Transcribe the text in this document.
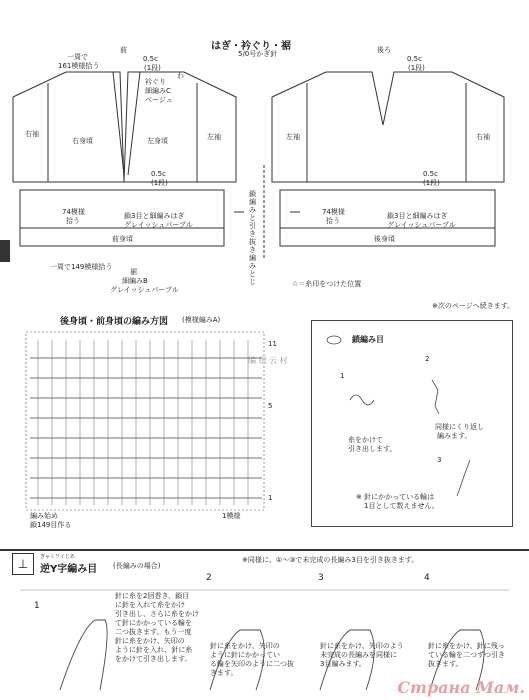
はぎ・衿ぐり・裾
5/0号かぎ針
一周で
161模様拾う
前
0.5c
(1段)
わ
衿ぐり
細編みC
ベージュ
右袖
右身頃	左身頃	左袖
0.5c
(1段)
74模様
拾う
鎖3目と細編みはぎ
グレイッシュパープル
前身頃
一周で149模様拾う
裾
細編みB
グレイッシュパープル
鎖編みと引き抜き編みとじ
後ろ
0.5c
(1段)
左袖	右袖
0.5c
(1段)
74模様
拾う
鎖3目と細編みはぎ
グレイッシュパープル
後身頃
☆＝糸印をつけた位置
※次のページへ続きます。
後身頃・前身頃の編み方図 (模様編みA)
11
5
1
編み始め
鎖149目作る
1模様
编 织 云 村
鎖編み目
1
2
3
糸をかけて
引き出します。
同様にくり返し
編みます。
※ 針にかかっている輪は
1目として数えません。
⊥	ぎゃくワイじあ
逆Y字編み目 (長編みの場合)
※同様に、①～③で未完成の長編み3目を引き抜きます。
1
2	3	4
針に糸を2回巻き、鎖目
に針を入れて糸をかけ
引き出し、さらに糸をかけ
て針にかかっている輪を
二つ抜きます。もう一度
針に糸をかけ、矢印の
ように針を入れ、針に糸
をかけて引き出します。
針に糸をかけ、矢印の
ように針にかかってい
る輪を矢印のように二つ抜
きます。
針に糸をかけ、矢印のよう
未完成の長編みを同様に
3目編みます。
針に糸をかけ、針に残っ
ている輪を二つずつ引き
抜きます。
Страна Мам.
